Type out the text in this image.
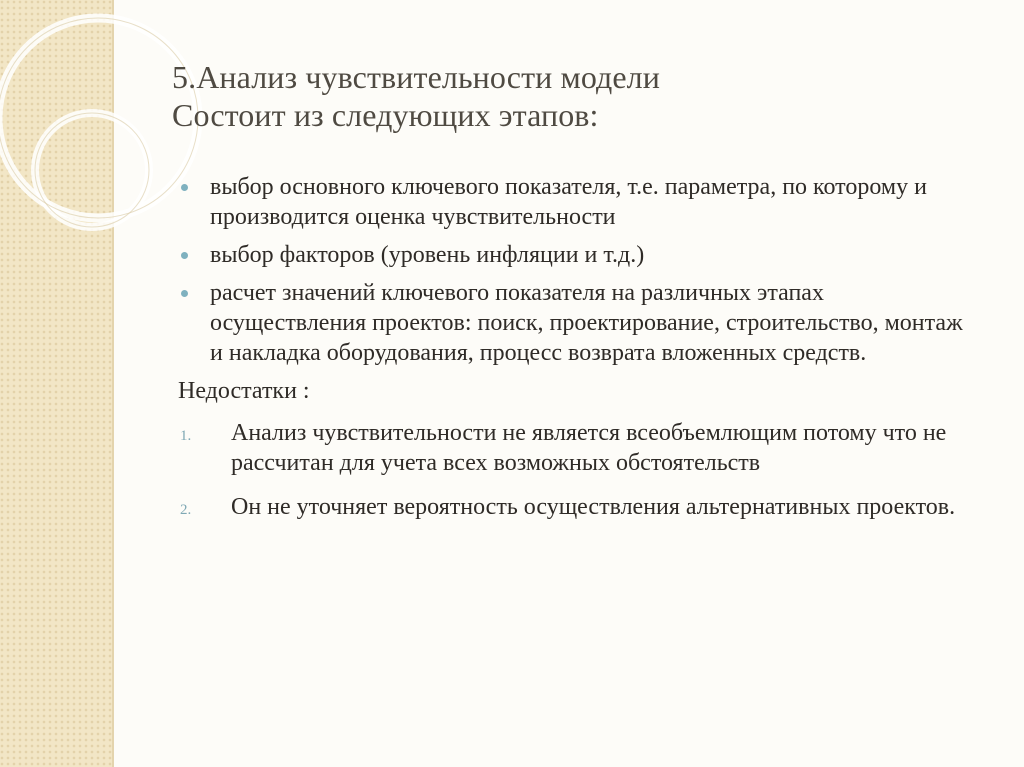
5.Анализ чувствительности модели
Состоит из следующих этапов:
выбор основного ключевого показателя, т.е. параметра, по которому и производится оценка чувствительности
выбор факторов (уровень инфляции и т.д.)
расчет значений ключевого показателя на различных этапах осуществления проектов: поиск, проектирование, строительство, монтаж и накладка оборудования, процесс возврата вложенных средств.
Недостатки :
1. Анализ чувствительности не является всеобъемлющим потому что не рассчитан для учета всех возможных обстоятельств
2. Он не уточняет вероятность осуществления альтернативных проектов.
